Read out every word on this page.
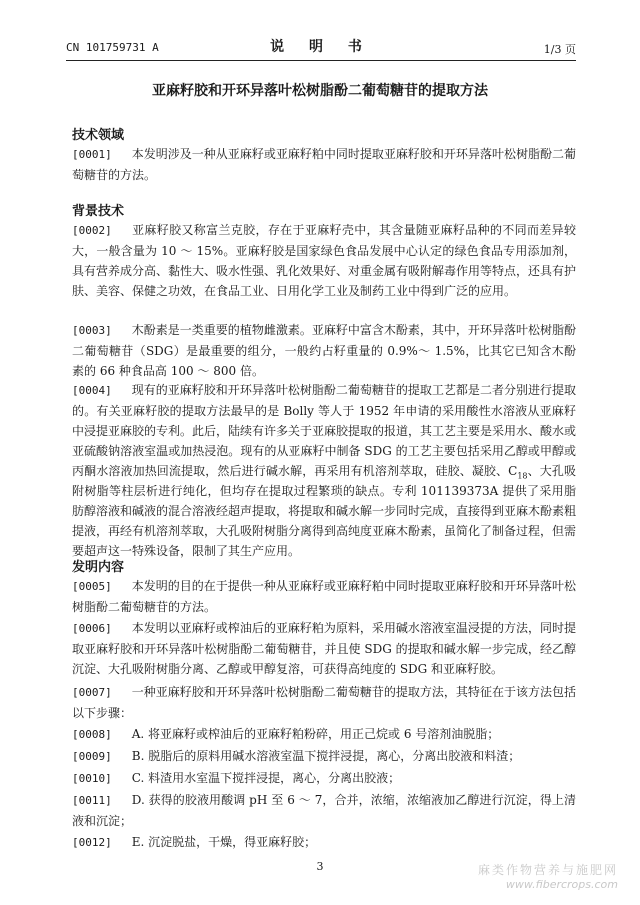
CN 101759731 A	说 明 书	1/3 页
亚麻籽胶和开环异落叶松树脂酚二葡萄糖苷的提取方法
技术领域
[0001] 本发明涉及一种从亚麻籽或亚麻籽粕中同时提取亚麻籽胶和开环异落叶松树脂酚二葡萄糖苷的方法。
背景技术
[0002] 亚麻籽胶又称富兰克胶，存在于亚麻籽壳中，其含量随亚麻籽品种的不同而差异较大，一般含量为 10 ～ 15%。亚麻籽胶是国家绿色食品发展中心认定的绿色食品专用添加剂，具有营养成分高、黏性大、吸水性强、乳化效果好、对重金属有吸附解毒作用等特点，还具有护肤、美容、保健之功效，在食品工业、日用化学工业及制药工业中得到广泛的应用。
[0003] 木酚素是一类重要的植物雌激素。亚麻籽中富含木酚素，其中，开环异落叶松树脂酚二葡萄糖苷（SDG）是最重要的组分，一般约占籽重量的 0.9%～ 1.5%，比其它已知含木酚素的 66 种食品高 100 ～ 800 倍。
[0004] 现有的亚麻籽胶和开环异落叶松树脂酚二葡萄糖苷的提取工艺都是二者分别进行提取的。有关亚麻籽胶的提取方法最早的是 Bolly 等人于 1952 年申请的采用酸性水溶液从亚麻籽中浸提亚麻胶的专利。此后，陆续有许多关于亚麻胶提取的报道，其工艺主要是采用水、酸水或亚硫酸钠溶液室温或加热浸泡。现有的从亚麻籽中制备 SDG 的工艺主要包括采用乙醇或甲醇或丙酮水溶液加热回流提取，然后进行碱水解，再采用有机溶剂萃取，硅胶、凝胶、$C_{18}$、大孔吸附树脂等柱层析进行纯化，但均存在提取过程繁琐的缺点。专利 101139373A 提供了采用脂肪醇溶液和碱液的混合溶液经超声提取，将提取和碱水解一步同时完成，直接得到亚麻木酚素粗提液，再经有机溶剂萃取，大孔吸附树脂分离得到高纯度亚麻木酚素，虽简化了制备过程，但需要超声这一特殊设备，限制了其生产应用。
发明内容
[0005] 本发明的目的在于提供一种从亚麻籽或亚麻籽粕中同时提取亚麻籽胶和开环异落叶松树脂酚二葡萄糖苷的方法。
[0006] 本发明以亚麻籽或榨油后的亚麻籽粕为原料，采用碱水溶液室温浸提的方法，同时提取亚麻籽胶和开环异落叶松树脂酚二葡萄糖苷，并且使 SDG 的提取和碱水解一步完成，经乙醇沉淀、大孔吸附树脂分离、乙醇或甲醇复溶，可获得高纯度的 SDG 和亚麻籽胶。
[0007] 一种亚麻籽胶和开环异落叶松树脂酚二葡萄糖苷的提取方法，其特征在于该方法包括以下步骤：
[0008] A. 将亚麻籽或榨油后的亚麻籽粕粉碎，用正己烷或 6 号溶剂油脱脂；
[0009] B. 脱脂后的原料用碱水溶液室温下搅拌浸提，离心，分离出胶液和料渣；
[0010] C. 料渣用水室温下搅拌浸提，离心，分离出胶液；
[0011] D. 获得的胶液用酸调 pH 至 6 ～ 7，合并，浓缩，浓缩液加乙醇进行沉淀，得上清液和沉淀；
[0012] E. 沉淀脱盐，干燥，得亚麻籽胶；
3	麻类作物营养与施肥网
www.fibercrops.com
